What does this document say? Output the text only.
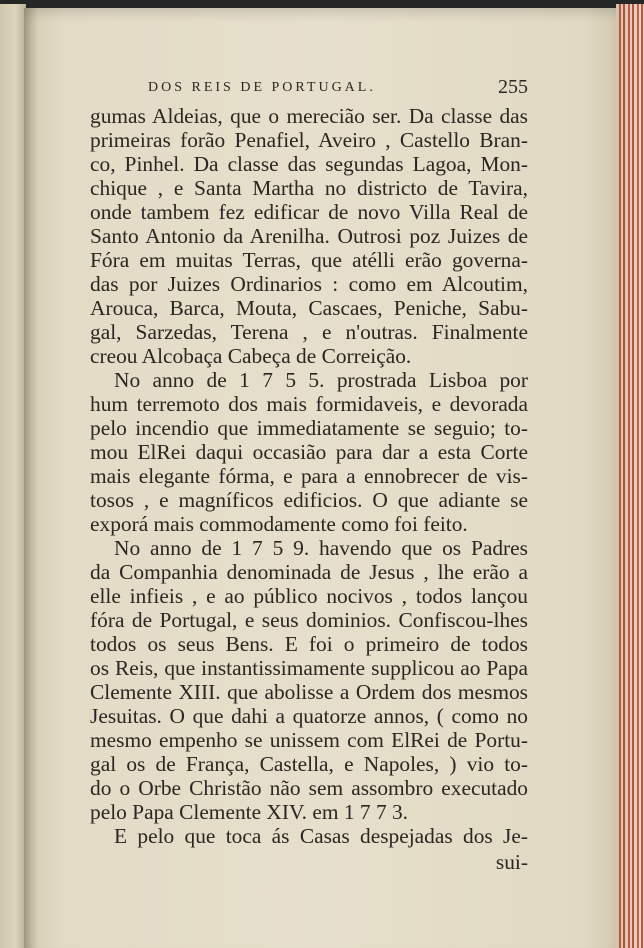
DOS REIS DE PORTUGAL.	255
gumas Aldeias, que o merecião ser. Da classe das
primeiras forão Penafiel, Aveiro , Castello Bran-
co, Pinhel. Da classe das segundas Lagoa, Mon-
chique , e Santa Martha no districto de Tavira,
onde tambem fez edificar de novo Villa Real de
Santo Antonio da Arenilha. Outrosi poz Juizes de
Fóra em muitas Terras, que atélli erão governa-
das por Juizes Ordinarios : como em Alcoutim,
Arouca, Barca, Mouta, Cascaes, Peniche, Sabu-
gal, Sarzedas, Terena , e n'outras. Finalmente
creou Alcobaça Cabeça de Correição.
No anno de 1 7 5 5. prostrada Lisboa por
hum terremoto dos mais formidaveis, e devorada
pelo incendio que immediatamente se seguio; to-
mou ElRei daqui occasião para dar a esta Corte
mais elegante fórma, e para a ennobrecer de vis-
tosos , e magníficos edificios. O que adiante se
exporá mais commodamente como foi feito.
No anno de 1 7 5 9. havendo que os Padres
da Companhia denominada de Jesus , lhe erão a
elle infieis , e ao público nocivos , todos lançou
fóra de Portugal, e seus dominios. Confiscou-lhes
todos os seus Bens. E foi o primeiro de todos
os Reis, que instantissimamente supplicou ao Papa
Clemente XIII. que abolisse a Ordem dos mesmos
Jesuitas. O que dahi a quatorze annos, ( como no
mesmo empenho se unissem com ElRei de Portu-
gal os de França, Castella, e Napoles, ) vio to-
do o Orbe Christão não sem assombro executado
pelo Papa Clemente XIV. em 1 7 7 3.
E pelo que toca ás Casas despejadas dos Je-
sui-
